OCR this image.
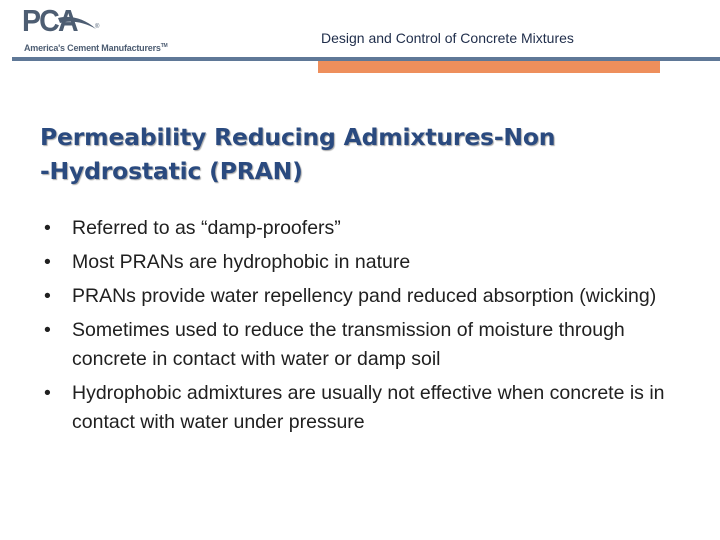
PCA	®
America's Cement Manufacturers™	Design and Control of Concrete Mixtures
Permeability Reducing Admixtures-Non
-Hydrostatic (PRAN)
• Referred to as “damp-proofers”
• Most PRANs are hydrophobic in nature
• PRANs provide water repellency pand reduced absorption (wicking)
• Sometimes used to reduce the transmission of moisture through concrete in contact with water or damp soil
• Hydrophobic admixtures are usually not effective when concrete is in contact with water under pressure
